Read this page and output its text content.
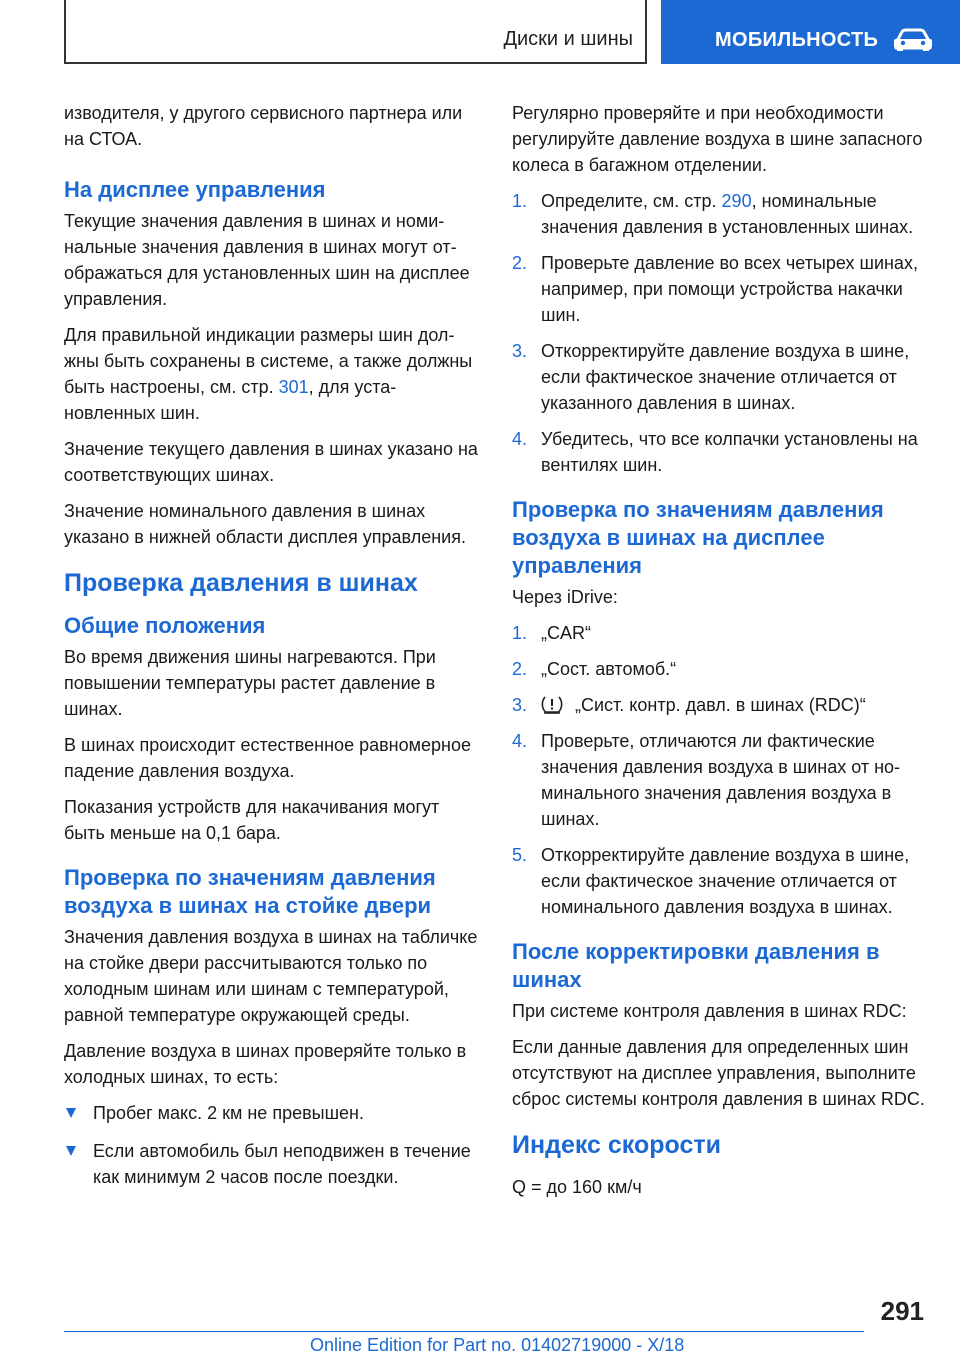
Диски и шины	МОБИЛЬНОСТЬ

изводителя, у другого сервисного партнера или на СТОА.

На дисплее управления

Текущие значения давления в шинах и номинальные значения давления в шинах могут отображаться для установленных шин на дисплее управления.

Для правильной индикации размеры шин должны быть сохранены в системе, а также должны быть настроены, см. стр. 301, для установленных шин.

Значение текущего давления в шинах указано на соответствующих шинах.

Значение номинального давления в шинах указано в нижней области дисплея управления.

Проверка давления в шинах
Общие положения

Во время движения шины нагреваются. При повышении температуры растет давление в шинах.

В шинах происходит естественное равномерное падение давления воздуха.

Показания устройств для накачивания могут быть меньше на 0,1 бара.

Проверка по значениям давления воздуха в шинах на стойке двери

Значения давления воздуха в шинах на табличке на стойке двери рассчитываются только по холодным шинам или шинам с температурой, равной температуре окружающей среды.

Давление воздуха в шинах проверяйте только в холодных шинах, то есть:

Пробег макс. 2 км не превышен.
Если автомобиль был неподвижен в течение как минимум 2 часов после поездки.

Регулярно проверяйте и при необходимости регулируйте давление воздуха в шине запасного колеса в багажном отделении.

1. Определите, см. стр. 290, номинальные значения давления в установленных шинах.
2. Проверьте давление во всех четырех шинах, например, при помощи устройства накачки шин.
3. Откорректируйте давление воздуха в шине, если фактическое значение отличается от указанного давления в шинах.
4. Убедитесь, что все колпачки установлены на вентилях шин.
Проверка по значениям давления воздуха в шинах на дисплее управления

Через iDrive:

1. „CAR“
2. „Сост. автомоб.“
3.	„Сист. контр. давл. в шинах (RDC)“
4. Проверьте, отличаются ли фактические значения давления воздуха в шинах от номинального значения давления воздуха в шинах.
5. Откорректируйте давление воздуха в шине, если фактическое значение отличается от номинального давления воздуха в шинах.
После корректировки давления в шинах

При системе контроля давления в шинах RDC:

Если данные давления для определенных шин отсутствуют на дисплее управления, выполните сброс системы контроля давления в шинах RDC.

Индекс скорости

Q = до 160 км/ч

291
Online Edition for Part no. 01402719000 - X/18
